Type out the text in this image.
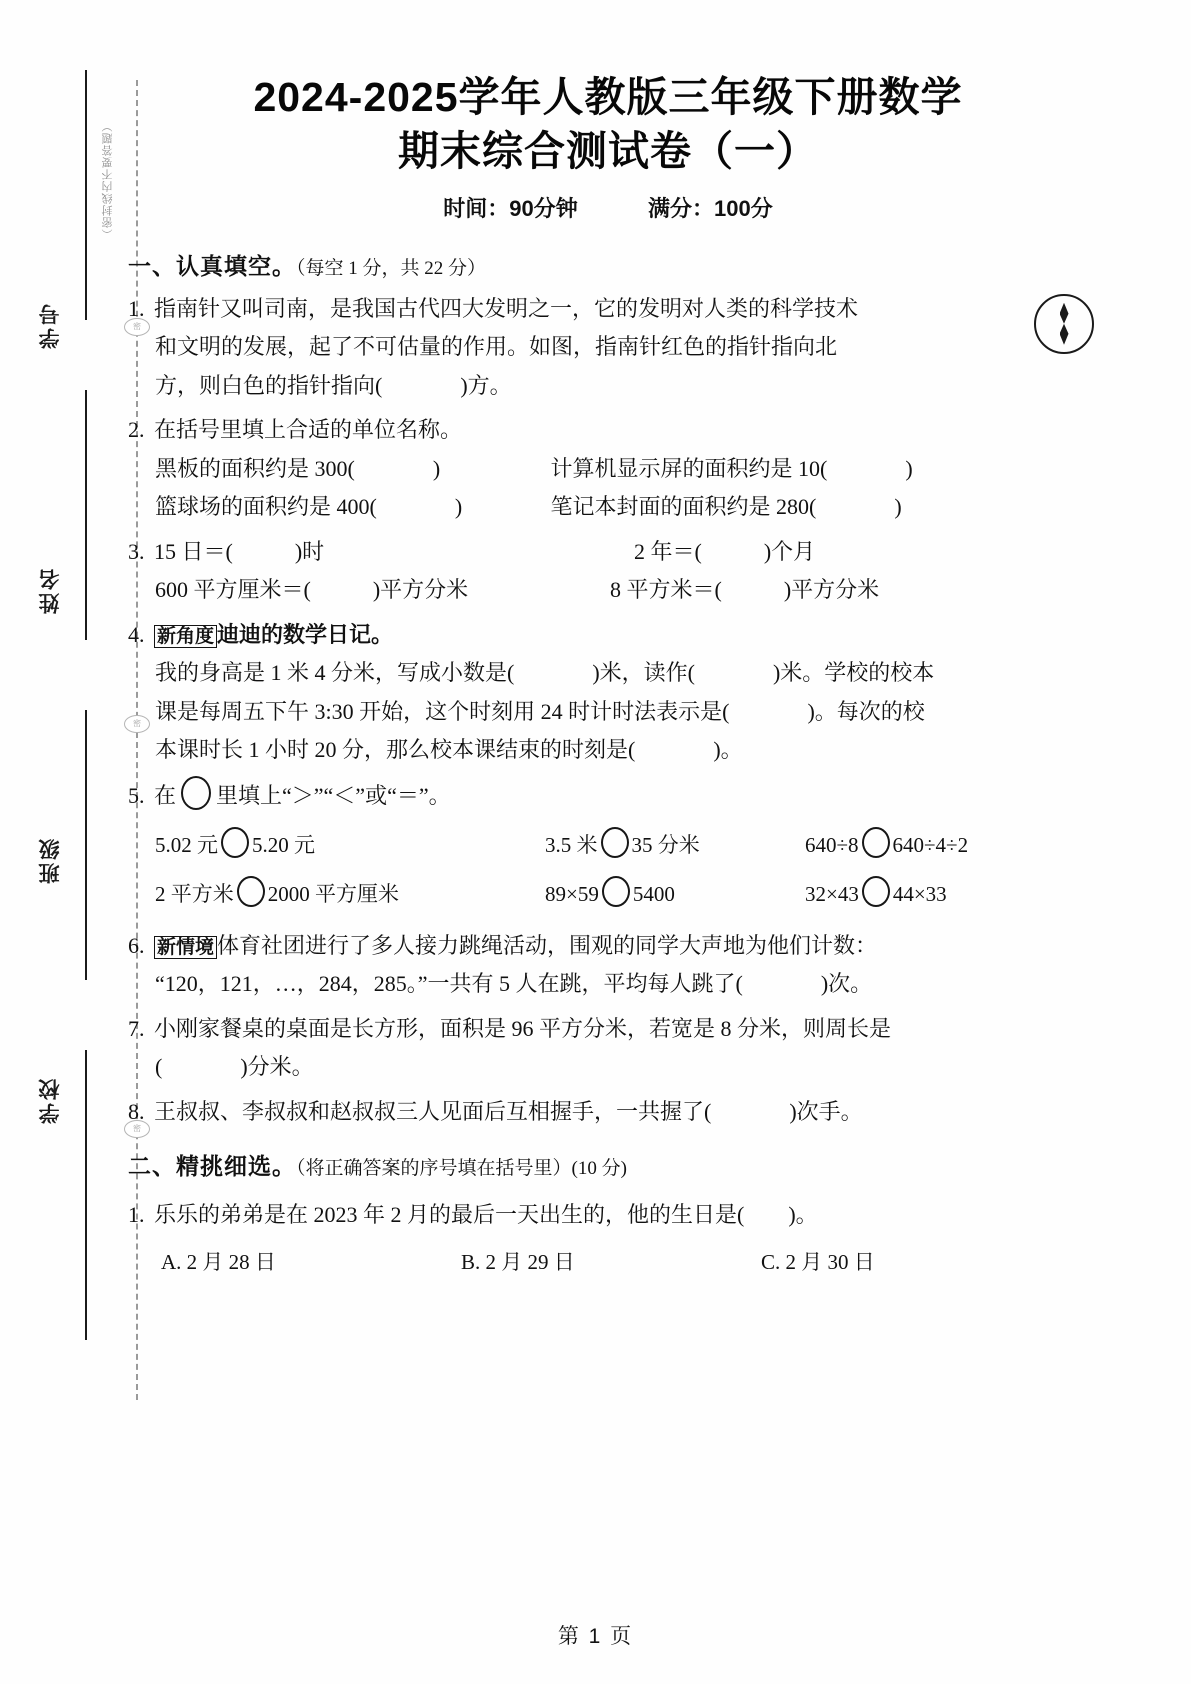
（密封线内不要答题）
密
密
密
学号
姓名
班级
学校
2024-2025学年人教版三年级下册数学
期末综合测试卷（一）
时间：90分钟	满分：100分
一、认真填空。（每空 1 分，共 22 分）
1. 指南针又叫司南，是我国古代四大发明之一，它的发明对人类的科学技术
和文明的发展，起了不可估量的作用。如图，指南针红色的指针指向北
方，则白色的指针指向(	)方。
2. 在括号里填上合适的单位名称。
黑板的面积约是 300(	)	计算机显示屏的面积约是 10(	)
篮球场的面积约是 400(	)	笔记本封面的面积约是 280(	)
3. 15 日＝(	)时	2 年＝(	)个月
600 平方厘米＝(	)平方分米	8 平方米＝(	)平方分米
4. 新角度 迪迪的数学日记。
我的身高是 1 米 4 分米，写成小数是(	)米，读作(	)米。学校的校本
课是每周五下午 3:30 开始，这个时刻用 24 时计时法表示是(	)。每次的校
本课时长 1 小时 20 分，那么校本课结束的时刻是(	)。
5. 在 里填上“＞”“＜”或“＝”。
5.02 元 5.20 元	3.5 米 35 分米	640÷8 640÷4÷2
2 平方米 2000 平方厘米	89×59 5400	32×43 44×33
6. 新情境 体育社团进行了多人接力跳绳活动，围观的同学大声地为他们计数：
“120，121，…，284，285。”一共有 5 人在跳，平均每人跳了(	)次。
7. 小刚家餐桌的桌面是长方形，面积是 96 平方分米，若宽是 8 分米，则周长是
(	)分米。
8. 王叔叔、李叔叔和赵叔叔三人见面后互相握手，一共握了(	)次手。
二、精挑细选。（将正确答案的序号填在括号里）(10 分)
1. 乐乐的弟弟是在 2023 年 2 月的最后一天出生的，他的生日是( )。
A. 2 月 28 日	B. 2 月 29 日	C. 2 月 30 日
第 1 页
